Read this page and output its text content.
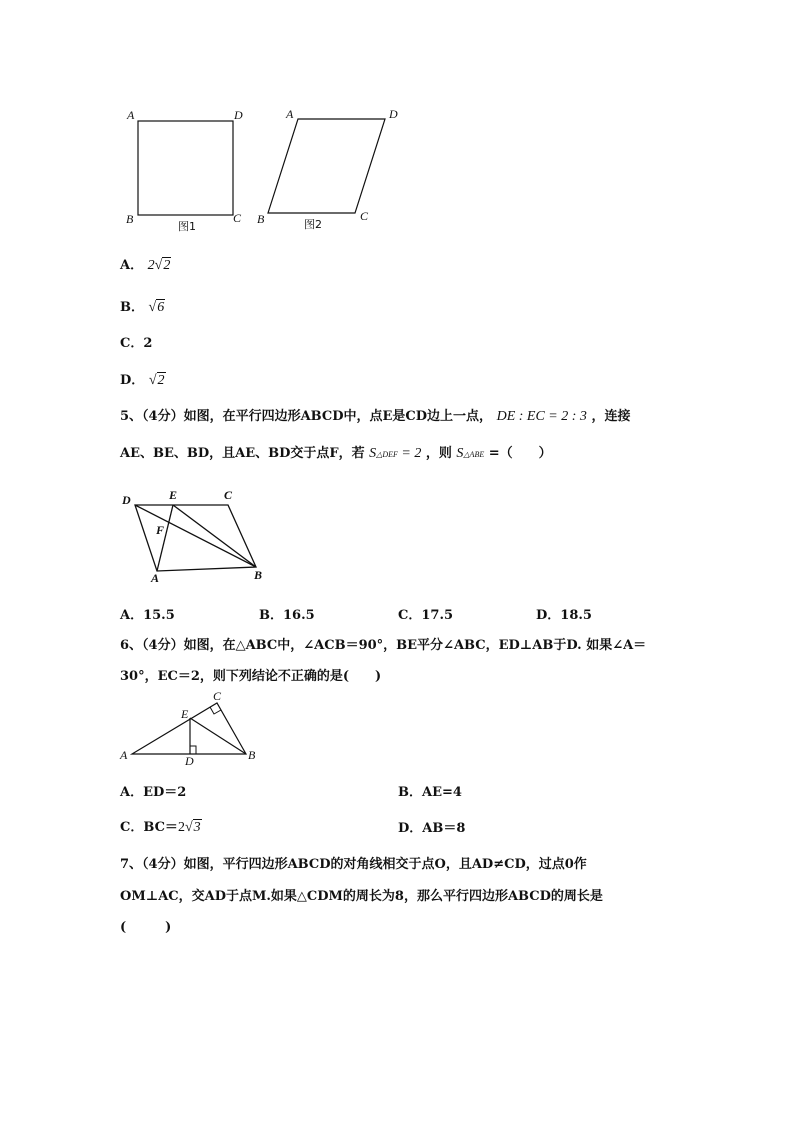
A	D
B	C
图1
A	D
B	C
图2
A． 2√2
B． √6
C．2
D． √2
5、（4分）如图，在平行四边形ABCD中，点E是CD边上一点， DE : EC = 2 : 3 ，连接
AE、BE、BD，且AE、BD交于点F，若 S△DEF = 2 ，则 S△ABE =（　　）
D	E	C
F
A	B
A．15.5	B．16.5	C．17.5	D．18.5
6、（4分）如图，在△ABC中，∠ACB＝90°，BE平分∠ABC，ED⊥AB于D. 如果∠A＝
30°，EC＝2，则下列结论不正确的是(　　)
C
E
A	D	B
A．ED＝2	B．AE=4
C．BC＝2√3	D．AB＝8
7、（4分）如图，平行四边形ABCD的对角线相交于点O，且AD≠CD，过点0作
OM⊥AC，交AD于点M.如果△CDM的周长为8，那么平行四边形ABCD的周长是
(　　　)
